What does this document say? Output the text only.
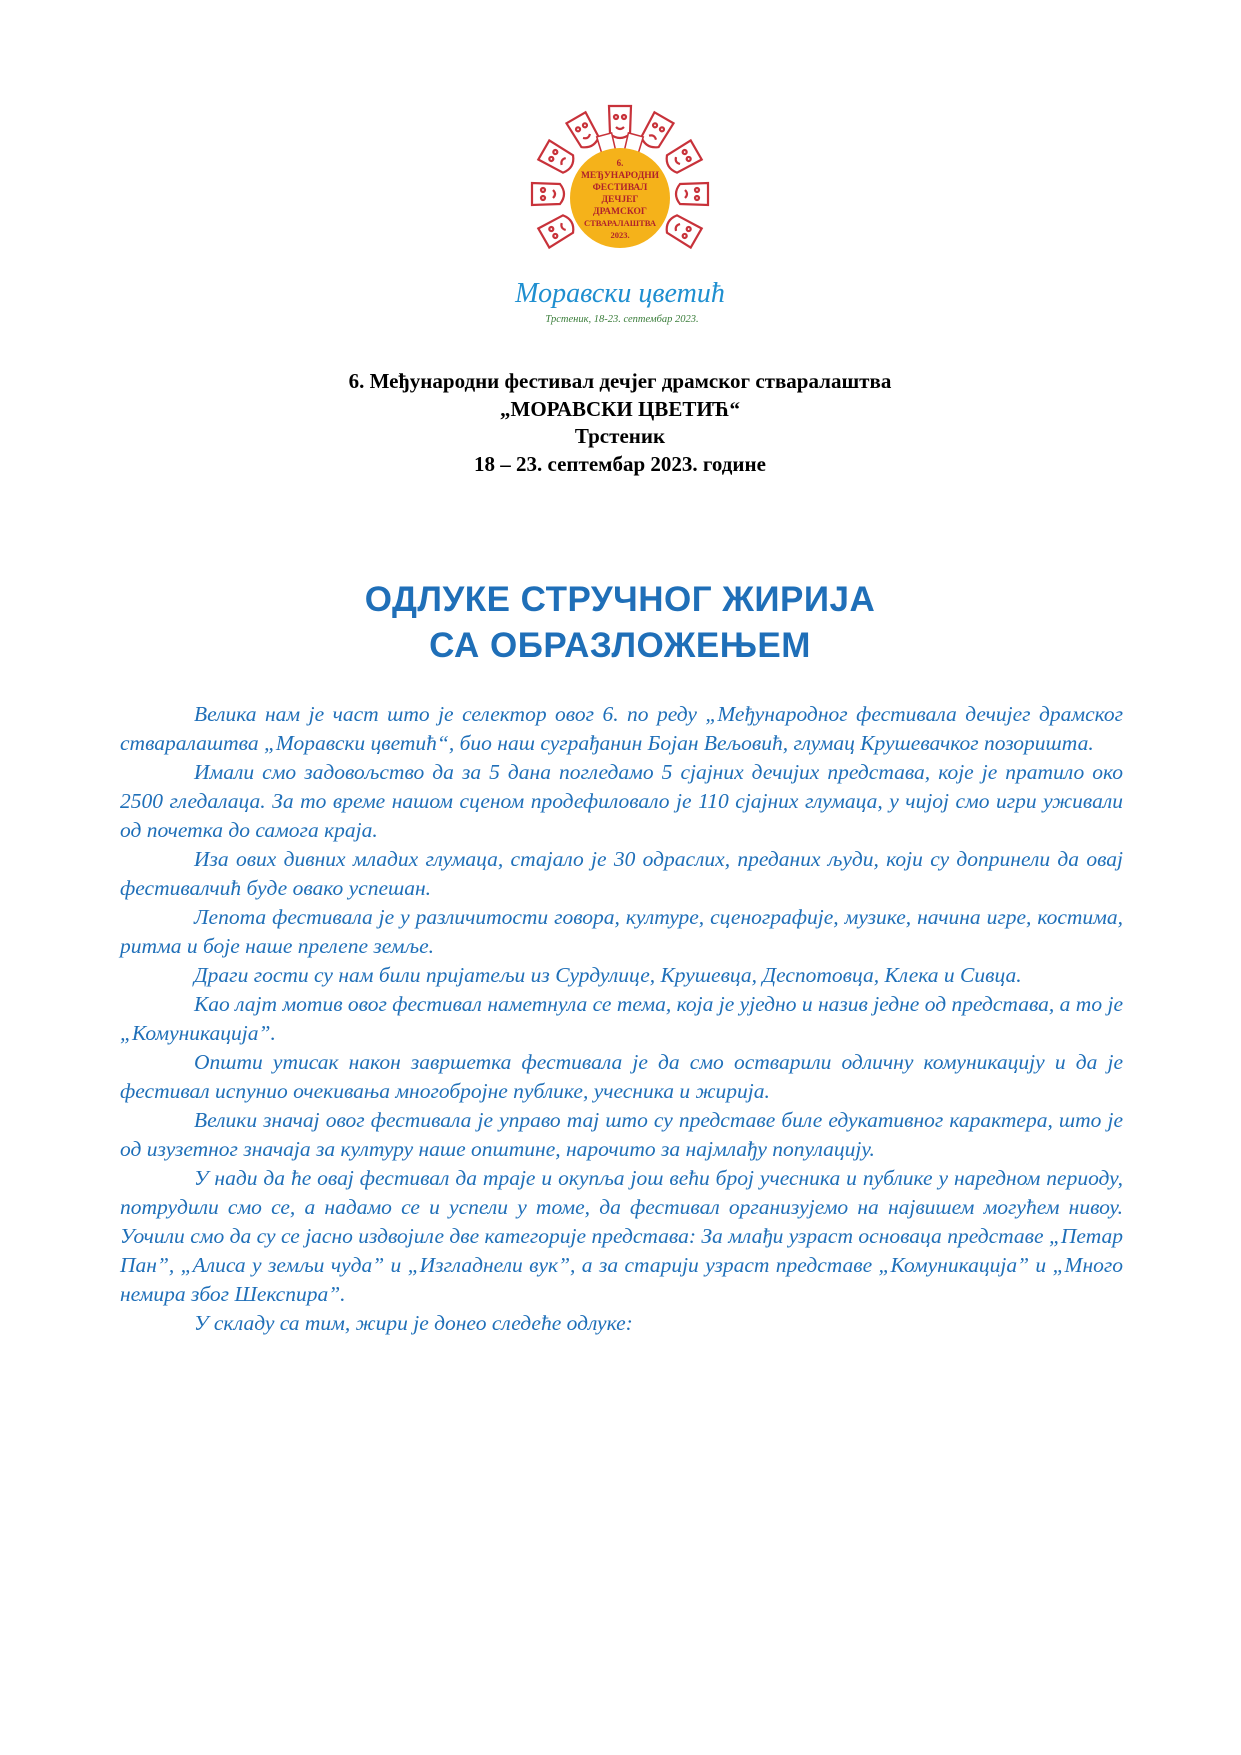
6.
МЕЂУНАРОДНИ
ФЕСТИВАЛ
ДЕЧЈЕГ
ДРАМСКОГ
СТВАРАЛАШТВА
2023.
Моравски цветић
Трстеник, 18-23. септембар 2023.
6. Међународни фестивал дечјег драмског стваралаштва
„МОРАВСКИ ЦВЕТИЋ“
Трстеник
18 – 23. септембар 2023. године
ОДЛУКЕ СТРУЧНОГ ЖИРИЈА
СА ОБРАЗЛОЖЕЊЕМ

Велика нам је част што је селектор овог 6. по реду „Међународног фестивала дечијег драмског стваралаштва „Моравски цветић“, био наш суграђанин Бојан Вељовић, глумац Крушевачког позоришта.

Имали смо задовољство да за 5 дана погледамо 5 сјајних дечијих представа, које је пратило око 2500 гледалаца. За то време нашом сценом продефиловало је 110 сјајних глумаца, у чијој смо игри уживали од почетка до самога краја.

Иза ових дивних младих глумаца, стајало је 30 одраслих, преданих људи, који су допринели да овај фестивалчић буде овако успешан.

Лепота фестивала је у различитости говора, културе, сценографије, музике, начина игре, костима, ритма и боје наше прелепе земље.

Драги гости су нам били пријатељи из Сурдулице, Крушевца, Деспотовца, Клека и Сивца.

Као лајт мотив овог фестивал наметнула се тема, која је уједно и назив једне од представа, а то је „Комуникација”.

Општи утисак након завршетка фестивала је да смо остварили одличну комуникацију и да је фестивал испунио очекивања многобројне публике, учесника и жирија.

Велики значај овог фестивала је управо тај што су представе биле едукативног карактера, што је од изузетног значаја за културу наше општине, нарочито за најмлађу популацију.

У нади да ће овај фестивал да траје и окупља још већи број учесника и публике у наредном периоду, потрудили смо се, а надамо се и успели у томе, да фестивал организујемо на највишем могућем нивоу. Уочили смо да су се јасно издвојиле две категорије представа: За млађи узраст основаца представе „Петар Пан”, „Алиса у земљи чуда” и „Изгладнели вук”, а за старији узраст представе „Комуникација” и „Много немира због Шекспира”.

У складу са тим, жири је донео следеће одлуке:
